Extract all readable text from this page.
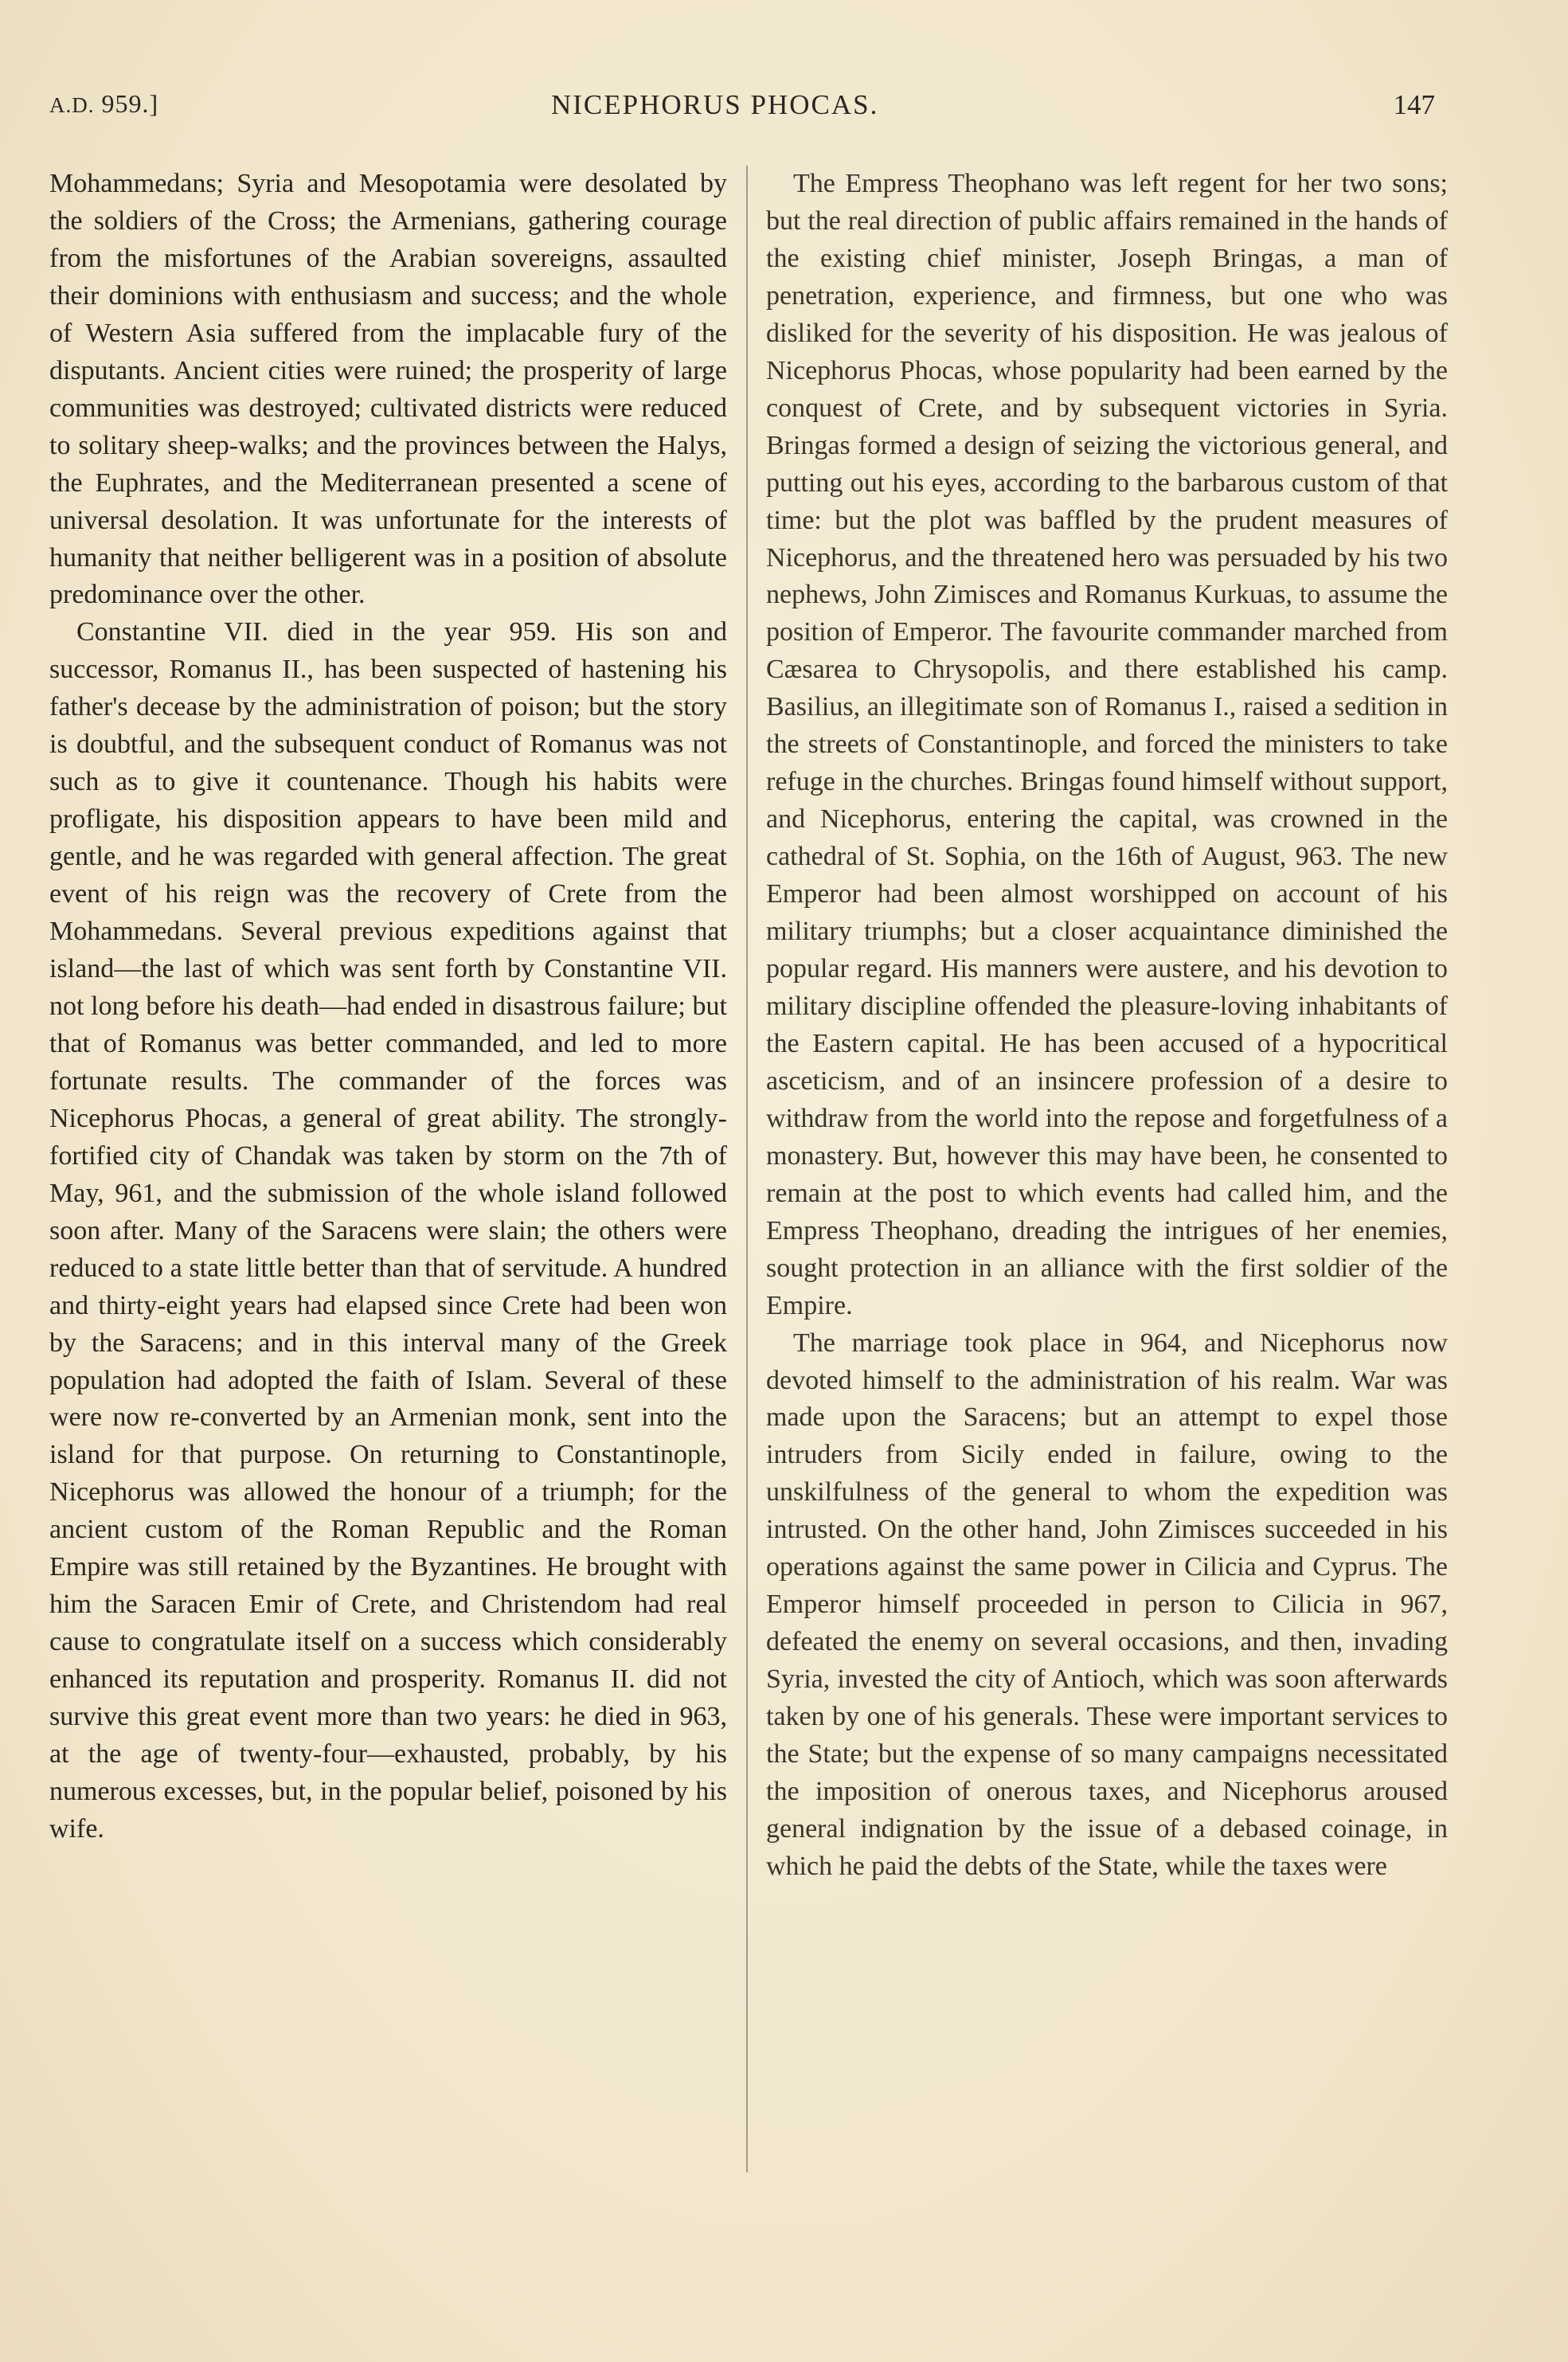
A.D. 959.]	NICEPHORUS PHOCAS.	147

Mohammedans; Syria and Mesopotamia were desolated by the soldiers of the Cross; the Armenians, gathering courage from the misfortunes of the Arabian sovereigns, assaulted their dominions with enthusiasm and success; and the whole of Western Asia suffered from the implacable fury of the disputants. Ancient cities were ruined; the prosperity of large communities was destroyed; cultivated districts were reduced to solitary sheep-walks; and the provinces between the Halys, the Euphrates, and the Mediterranean presented a scene of universal desolation. It was unfortunate for the interests of humanity that neither belligerent was in a position of absolute predominance over the other.

Constantine VII. died in the year 959. His son and successor, Romanus II., has been suspected of hastening his father's decease by the administration of poison; but the story is doubtful, and the subsequent conduct of Romanus was not such as to give it countenance. Though his habits were profligate, his disposition appears to have been mild and gentle, and he was regarded with general affection. The great event of his reign was the recovery of Crete from the Mohammedans. Several previous expeditions against that island—the last of which was sent forth by Constantine VII. not long before his death—had ended in disastrous failure; but that of Romanus was better commanded, and led to more fortunate results. The commander of the forces was Nicephorus Phocas, a general of great ability. The strongly-fortified city of Chandak was taken by storm on the 7th of May, 961, and the submission of the whole island followed soon after. Many of the Saracens were slain; the others were reduced to a state little better than that of servitude. A hundred and thirty-eight years had elapsed since Crete had been won by the Saracens; and in this interval many of the Greek population had adopted the faith of Islam. Several of these were now re-converted by an Armenian monk, sent into the island for that purpose. On returning to Constantinople, Nicephorus was allowed the honour of a triumph; for the ancient custom of the Roman Republic and the Roman Empire was still retained by the Byzantines. He brought with him the Saracen Emir of Crete, and Christendom had real cause to congratulate itself on a success which considerably enhanced its reputation and prosperity. Romanus II. did not survive this great event more than two years: he died in 963, at the age of twenty-four—exhausted, probably, by his numerous excesses, but, in the popular belief, poisoned by his wife.

The Empress Theophano was left regent for her two sons; but the real direction of public affairs remained in the hands of the existing chief minister, Joseph Bringas, a man of penetration, experience, and firmness, but one who was disliked for the severity of his disposition. He was jealous of Nicephorus Phocas, whose popularity had been earned by the conquest of Crete, and by subsequent victories in Syria. Bringas formed a design of seizing the victorious general, and putting out his eyes, according to the barbarous custom of that time: but the plot was baffled by the prudent measures of Nicephorus, and the threatened hero was persuaded by his two nephews, John Zimisces and Romanus Kurkuas, to assume the position of Emperor. The favourite commander marched from Cæsarea to Chrysopolis, and there established his camp. Basilius, an illegitimate son of Romanus I., raised a sedition in the streets of Constantinople, and forced the ministers to take refuge in the churches. Bringas found himself without support, and Nicephorus, entering the capital, was crowned in the cathedral of St. Sophia, on the 16th of August, 963. The new Emperor had been almost worshipped on account of his military triumphs; but a closer acquaintance diminished the popular regard. His manners were austere, and his devotion to military discipline offended the pleasure-loving inhabitants of the Eastern capital. He has been accused of a hypocritical asceticism, and of an insincere profession of a desire to withdraw from the world into the repose and forgetfulness of a monastery. But, however this may have been, he consented to remain at the post to which events had called him, and the Empress Theophano, dreading the intrigues of her enemies, sought protection in an alliance with the first soldier of the Empire.

The marriage took place in 964, and Nicephorus now devoted himself to the administration of his realm. War was made upon the Saracens; but an attempt to expel those intruders from Sicily ended in failure, owing to the unskilfulness of the general to whom the expedition was intrusted. On the other hand, John Zimisces succeeded in his operations against the same power in Cilicia and Cyprus. The Emperor himself proceeded in person to Cilicia in 967, defeated the enemy on several occasions, and then, invading Syria, invested the city of Antioch, which was soon afterwards taken by one of his generals. These were important services to the State; but the expense of so many campaigns necessitated the imposition of onerous taxes, and Nicephorus aroused general indignation by the issue of a debased coinage, in which he paid the debts of the State, while the taxes were
